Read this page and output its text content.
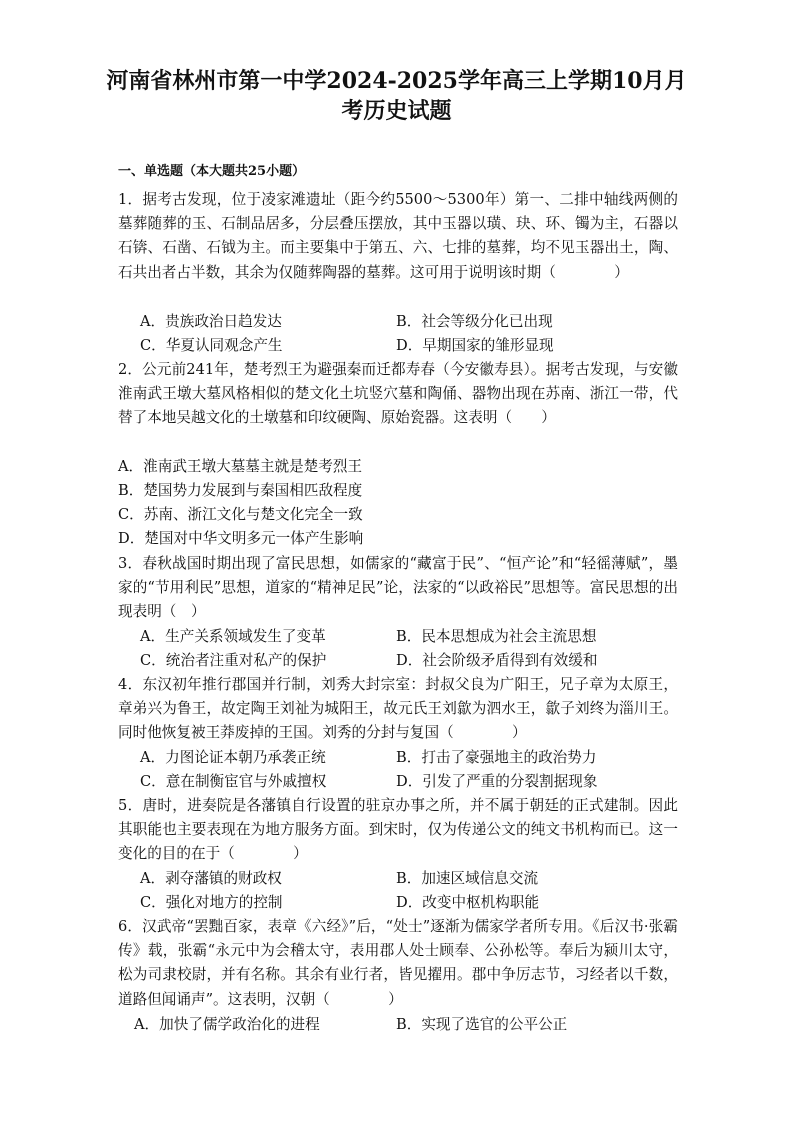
河南省林州市第一中学2024-2025学年高三上学期10月月
考历史试题
一、单选题（本大题共25小题）
1．据考古发现，位于凌家滩遗址（距今约5500～5300年）第一、二排中轴线两侧的墓葬随葬的玉、石制品居多，分层叠压摆放，其中玉器以璜、玦、环、镯为主，石器以石锛、石凿、石钺为主。而主要集中于第五、六、七排的墓葬，均不见玉器出土，陶、石共出者占半数，其余为仅随葬陶器的墓葬。这可用于说明该时期（　　　　）
A．贵族政治日趋发达	B．社会等级分化已出现
C．华夏认同观念产生	D．早期国家的雏形显现
2．公元前241年，楚考烈王为避强秦而迁都寿春（今安徽寿县）。据考古发现，与安徽淮南武王墩大墓风格相似的楚文化土坑竖穴墓和陶俑、器物出现在苏南、浙江一带，代替了本地吴越文化的土墩墓和印纹硬陶、原始瓷器。这表明（　　）
A．淮南武王墩大墓墓主就是楚考烈王
B．楚国势力发展到与秦国相匹敌程度
C．苏南、浙江文化与楚文化完全一致
D．楚国对中华文明多元一体产生影响
3．春秋战国时期出现了富民思想，如儒家的“藏富于民”、“恒产论”和“轻徭薄赋”，墨家的“节用利民”思想，道家的“精神足民”论，法家的“以政裕民”思想等。富民思想的出现表明（　）
A．生产关系领域发生了变革	B．民本思想成为社会主流思想
C．统治者注重对私产的保护	D．社会阶级矛盾得到有效缓和
4．东汉初年推行郡国并行制，刘秀大封宗室：封叔父良为广阳王，兄子章为太原王，章弟兴为鲁王，故定陶王刘祉为城阳王，故元氏王刘歙为泗水王，歙子刘终为淄川王。同时他恢复被王莽废掉的王国。刘秀的分封与复国（　　　　）
A．力图论证本朝乃承袭正统	B．打击了豪强地主的政治势力
C．意在制衡宦官与外戚擅权	D．引发了严重的分裂割据现象
5．唐时，进奏院是各藩镇自行设置的驻京办事之所，并不属于朝廷的正式建制。因此其职能也主要表现在为地方服务方面。到宋时，仅为传递公文的纯文书机构而已。这一变化的目的在于（　　　　）
A．剥夺藩镇的财政权	B．加速区域信息交流
C．强化对地方的控制	D．改变中枢机构职能
6．汉武帝“罢黜百家，表章《六经》”后，“处士”逐渐为儒家学者所专用。《后汉书·张霸传》载，张霸“永元中为会稽太守，表用郡人处士顾奉、公孙松等。奉后为颍川太守，松为司隶校尉，并有名称。其余有业行者，皆见擢用。郡中争厉志节，习经者以千数，道路但闻诵声”。这表明，汉朝（　　　　）
A．加快了儒学政治化的进程	B．实现了选官的公平公正
